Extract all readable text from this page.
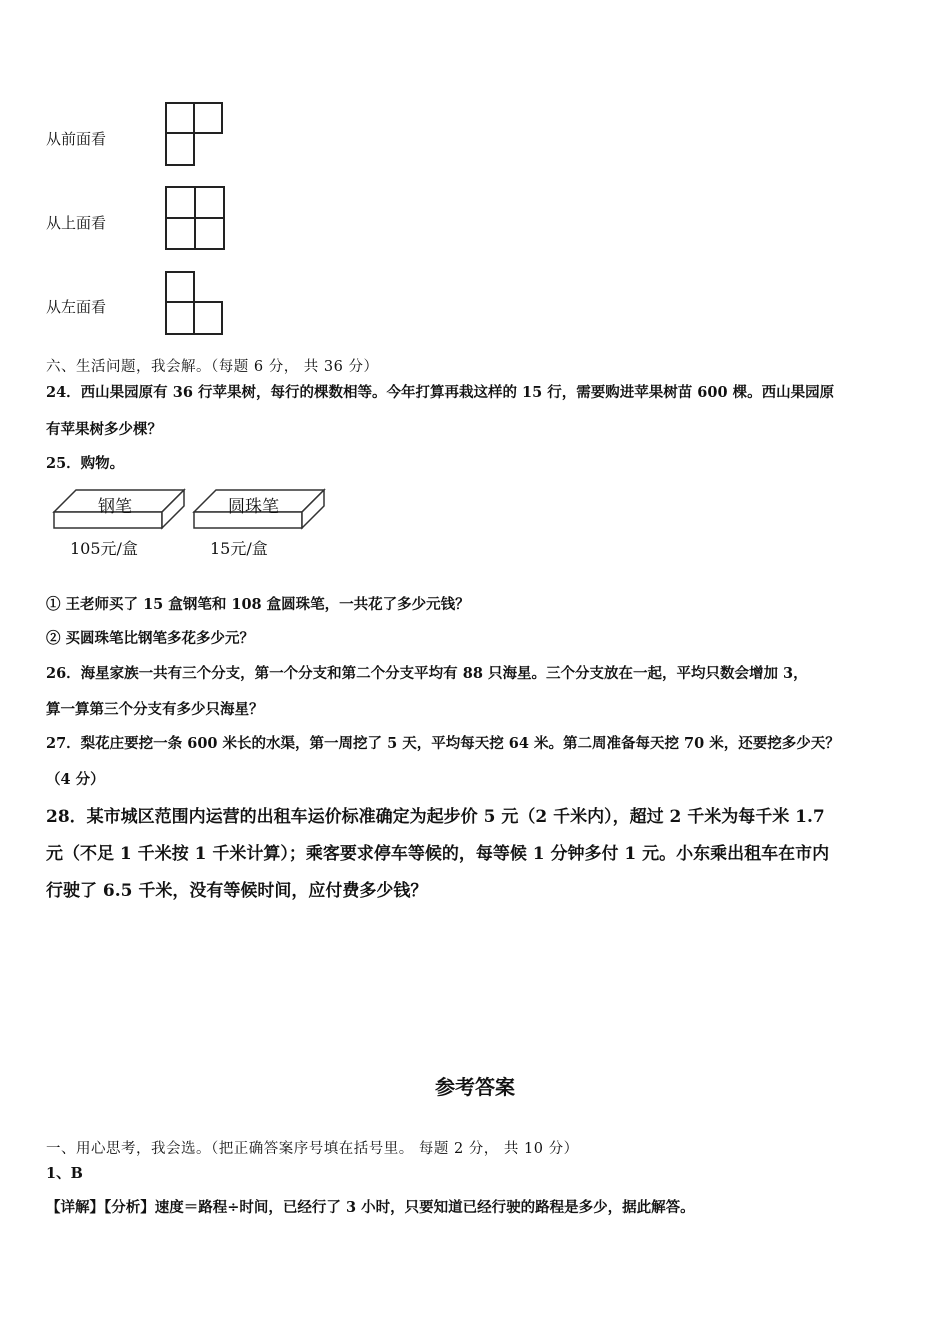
从前面看
从上面看
从左面看
六、生活问题，我会解。（每题 6 分， 共 36 分）
24．西山果园原有 36 行苹果树，每行的棵数相等。今年打算再栽这样的 15 行，需要购进苹果树苗 600 棵。西山果园原
有苹果树多少棵？
25．购物。
钢笔
105元/盒
圆珠笔
15元/盒
① 王老师买了 15 盒钢笔和 108 盒圆珠笔，一共花了多少元钱？
② 买圆珠笔比钢笔多花多少元？
26．海星家族一共有三个分支，第一个分支和第二个分支平均有 88 只海星。三个分支放在一起，平均只数会增加 3，
算一算第三个分支有多少只海星？
27．梨花庄要挖一条 600 米长的水渠，第一周挖了 5 天，平均每天挖 64 米。第二周准备每天挖 70 米，还要挖多少天？
（4 分）
28．某市城区范围内运营的出租车运价标准确定为起步价 5 元（2 千米内），超过 2 千米为每千米 1.7
元（不足 1 千米按 1 千米计算）；乘客要求停车等候的，每等候 1 分钟多付 1 元。小东乘出租车在市内
行驶了 6.5 千米，没有等候时间，应付费多少钱？
参考答案
一、用心思考，我会选。（把正确答案序号填在括号里。 每题 2 分， 共 10 分）
1、B
【详解】【分析】速度＝路程÷时间，已经行了 3 小时，只要知道已经行驶的路程是多少，据此解答。
